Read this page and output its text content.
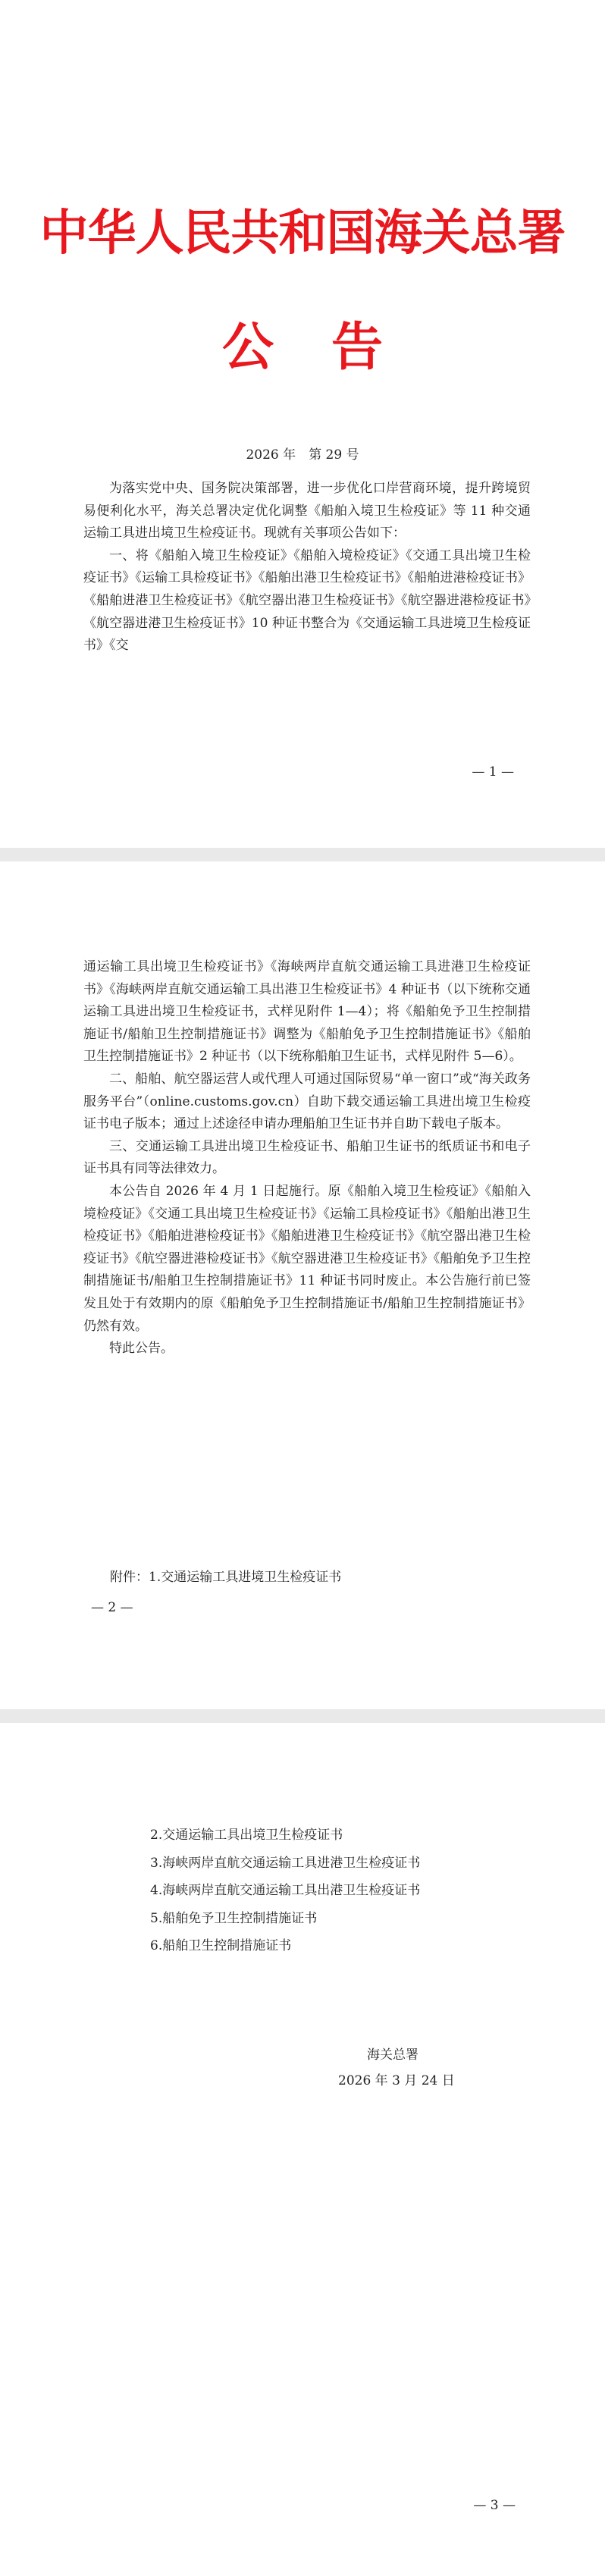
中华人民共和国海关总署
公告
2026 年　第 29 号

为落实党中央、国务院决策部署，进一步优化口岸营商环境，提升跨境贸易便利化水平，海关总署决定优化调整《船舶入境卫生检疫证》等 11 种交通运输工具进出境卫生检疫证书。现就有关事项公告如下：

一、将《船舶入境卫生检疫证》《船舶入境检疫证》《交通工具出境卫生检疫证书》《运输工具检疫证书》《船舶出港卫生检疫证书》《船舶进港检疫证书》《船舶进港卫生检疫证书》《航空器出港卫生检疫证书》《航空器进港检疫证书》《航空器进港卫生检疫证书》10 种证书整合为《交通运输工具进境卫生检疫证书》《交

— 1 —

通运输工具出境卫生检疫证书》《海峡两岸直航交通运输工具进港卫生检疫证书》《海峡两岸直航交通运输工具出港卫生检疫证书》4 种证书（以下统称交通运输工具进出境卫生检疫证书，式样见附件 1—4）；将《船舶免予卫生控制措施证书/船舶卫生控制措施证书》调整为《船舶免予卫生控制措施证书》《船舶卫生控制措施证书》2 种证书（以下统称船舶卫生证书，式样见附件 5—6）。

二、船舶、航空器运营人或代理人可通过国际贸易“单一窗口”或“海关政务服务平台”（online.customs.gov.cn）自助下载交通运输工具进出境卫生检疫证书电子版本；通过上述途径申请办理船舶卫生证书并自助下载电子版本。

三、交通运输工具进出境卫生检疫证书、船舶卫生证书的纸质证书和电子证书具有同等法律效力。

本公告自 2026 年 4 月 1 日起施行。原《船舶入境卫生检疫证》《船舶入境检疫证》《交通工具出境卫生检疫证书》《运输工具检疫证书》《船舶出港卫生检疫证书》《船舶进港检疫证书》《船舶进港卫生检疫证书》《航空器出港卫生检疫证书》《航空器进港检疫证书》《航空器进港卫生检疫证书》《船舶免予卫生控制措施证书/船舶卫生控制措施证书》11 种证书同时废止。本公告施行前已签发且处于有效期内的原《船舶免予卫生控制措施证书/船舶卫生控制措施证书》仍然有效。

特此公告。

附件：1.交通运输工具进境卫生检疫证书
— 2 —
2.交通运输工具出境卫生检疫证书
3.海峡两岸直航交通运输工具进港卫生检疫证书
4.海峡两岸直航交通运输工具出港卫生检疫证书
5.船舶免予卫生控制措施证书
6.船舶卫生控制措施证书
海关总署
2026 年 3 月 24 日
— 3 —
